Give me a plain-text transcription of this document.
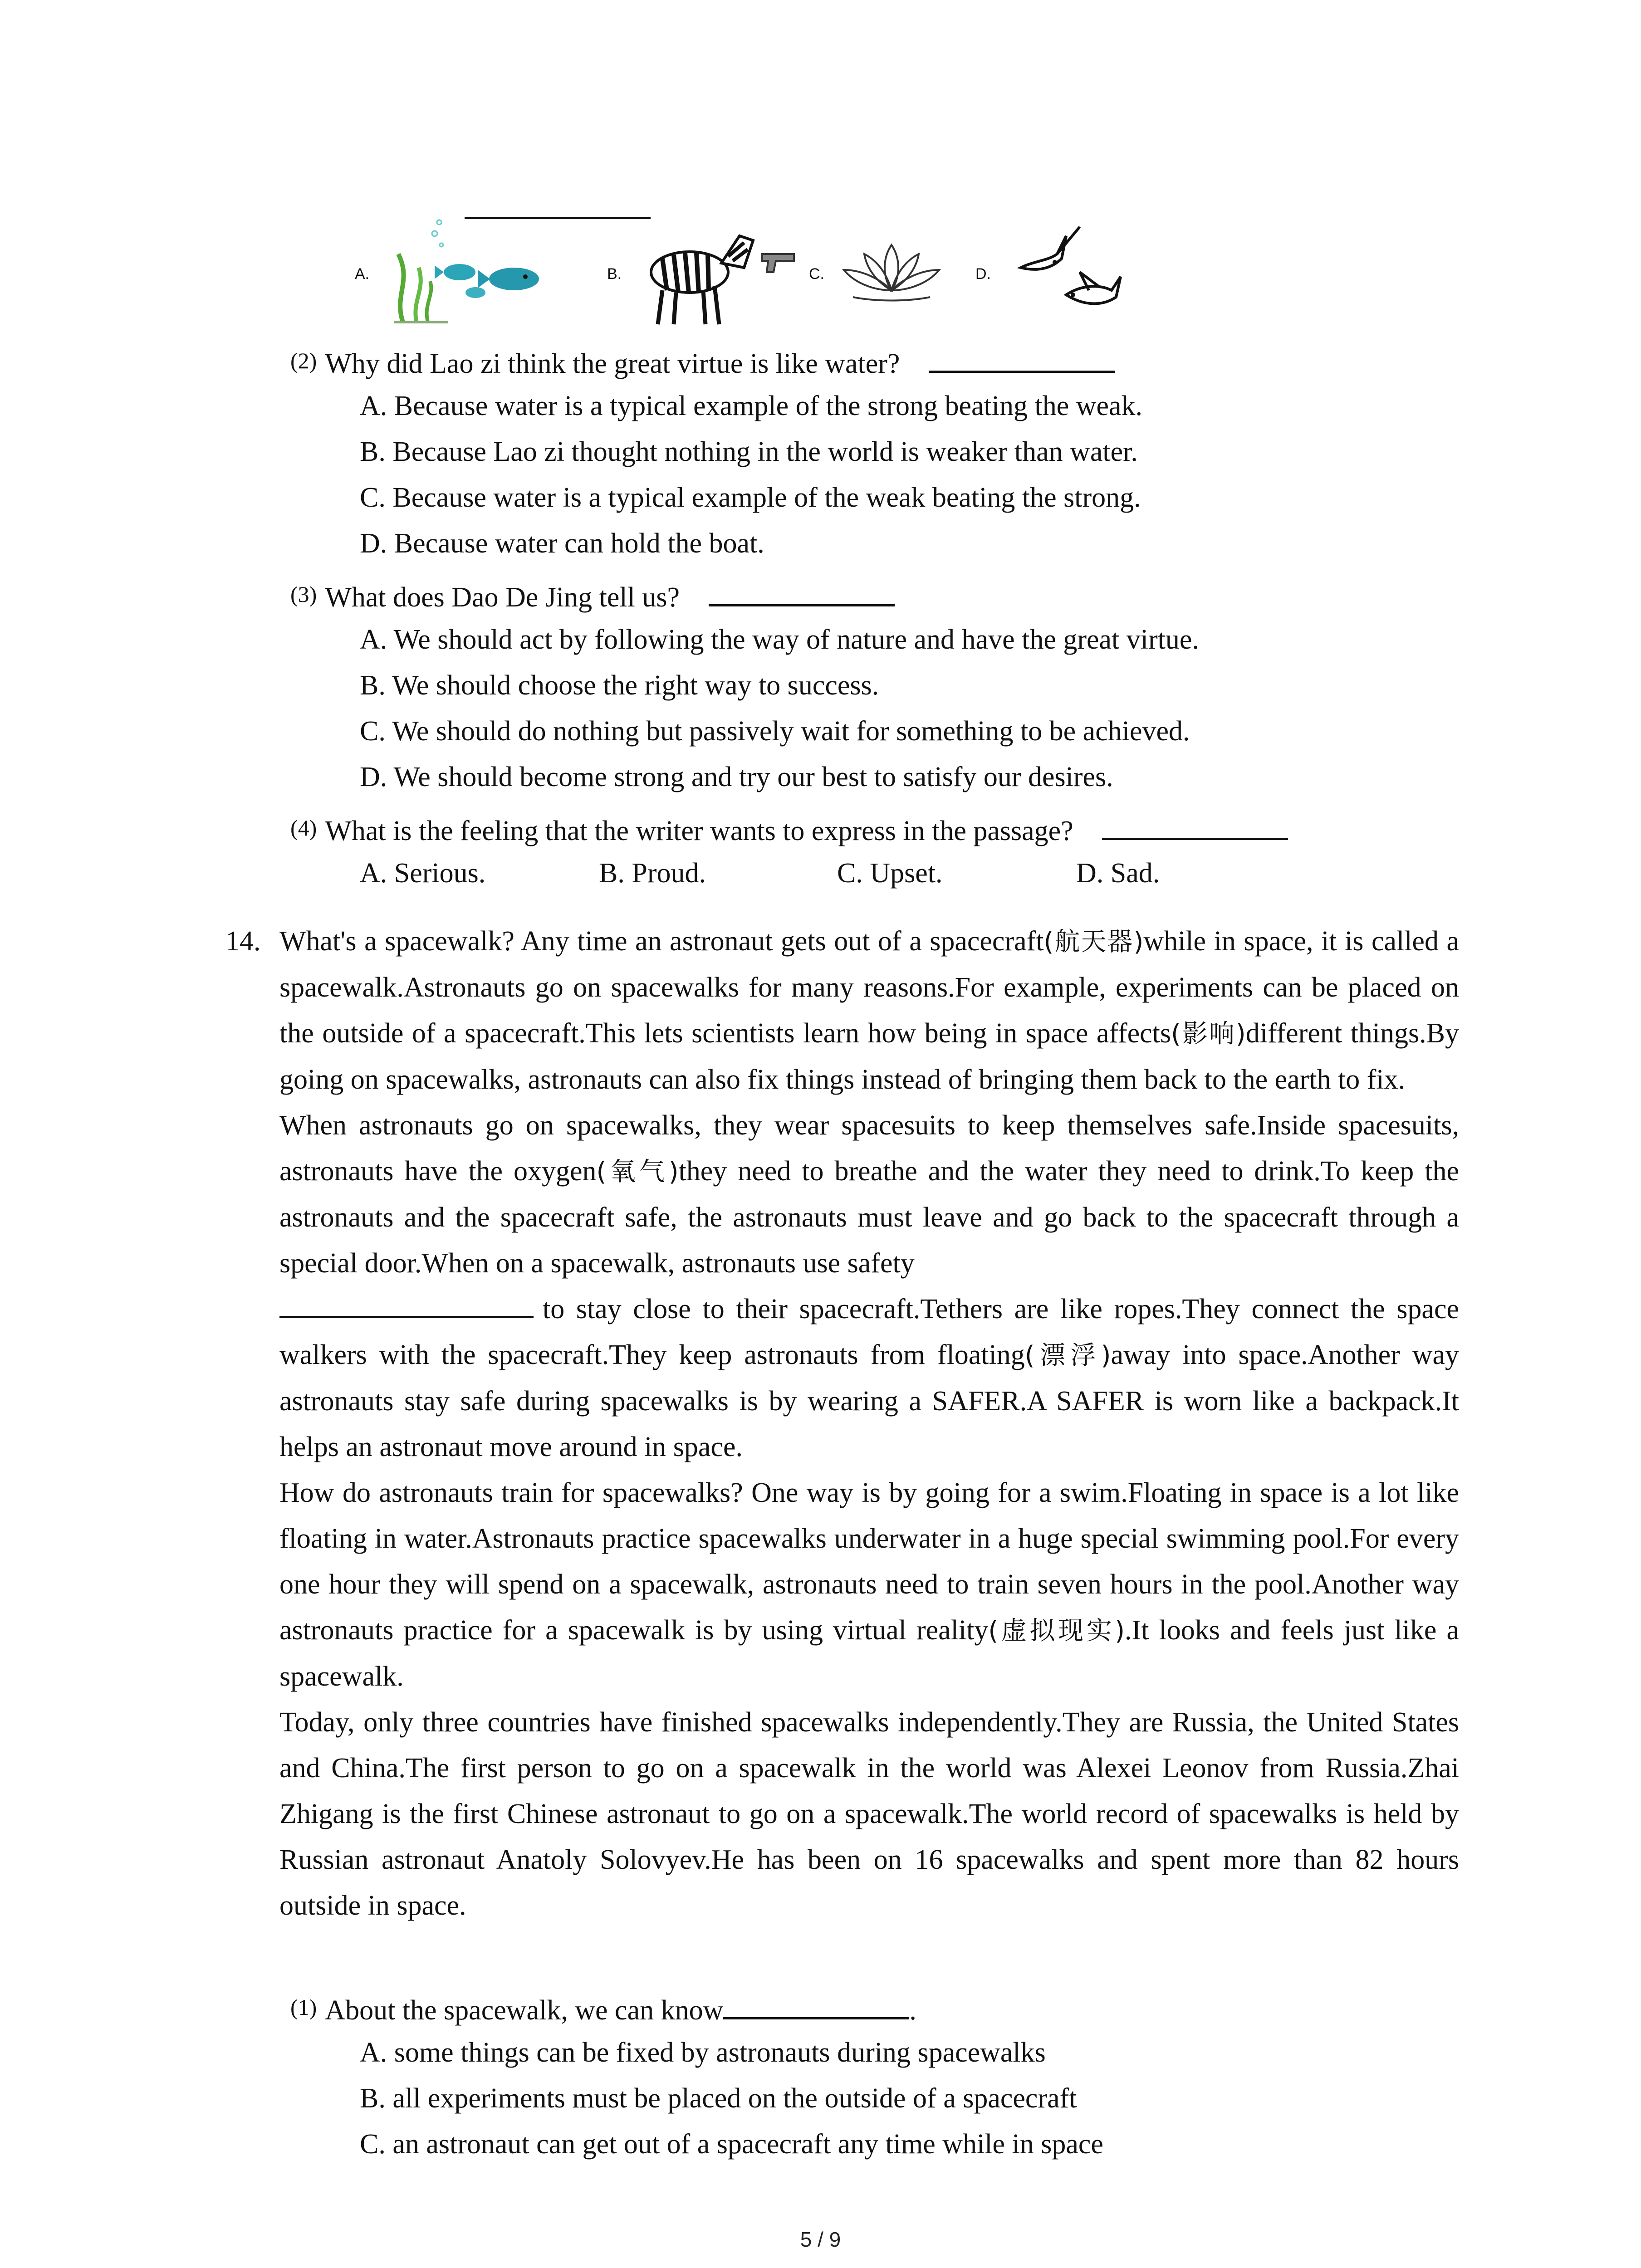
A.	B.	C.	D.
(2) Why did Lao zi think the great virtue is like water?
A. Because water is a typical example of the strong beating the weak.
B. Because Lao zi thought nothing in the world is weaker than water.
C. Because water is a typical example of the weak beating the strong.
D. Because water can hold the boat.
(3) What does Dao De Jing tell us?
A. We should act by following the way of nature and have the great virtue.
B. We should choose the right way to success.
C. We should do nothing but passively wait for something to be achieved.
D. We should become strong and try our best to satisfy our desires.
(4) What is the feeling that the writer wants to express in the passage?
A. Serious.	B. Proud.	C. Upset.	D. Sad.
14. What's a spacewalk? Any time an astronaut gets out of a spacecraft(航天器)while in space, it is called a spacewalk.Astronauts go on spacewalks for many reasons.For example, experiments can be placed on the outside of a spacecraft.This lets scientists learn how being in space affects(影响)different things.By going on spacewalks, astronauts can also fix things instead of bringing them back to the earth to fix.

When astronauts go on spacewalks, they wear spacesuits to keep themselves safe.Inside spacesuits, astronauts have the oxygen(氧气)they need to breathe and the water they need to drink.To keep the astronauts and the spacecraft safe, the astronauts must leave and go back to the spacecraft through a special door.When on a spacewalk, astronauts use safety
to stay close to their spacecraft.Tethers are like ropes.They connect the space walkers with the spacecraft.They keep astronauts from floating(漂浮)away into space.Another way astronauts stay safe during spacewalks is by wearing a SAFER.A SAFER is worn like a backpack.It helps an astronaut move around in space.

How do astronauts train for spacewalks? One way is by going for a swim.Floating in space is a lot like floating in water.Astronauts practice spacewalks underwater in a huge special swimming pool.For every one hour they will spend on a spacewalk, astronauts need to train seven hours in the pool.Another way astronauts practice for a spacewalk is by using virtual reality(虚拟现实).It looks and feels just like a spacewalk.

Today, only three countries have finished spacewalks independently.They are Russia, the United States and China.The first person to go on a spacewalk in the world was Alexei Leonov from Russia.Zhai Zhigang is the first Chinese astronaut to go on a spacewalk.The world record of spacewalks is held by Russian astronaut Anatoly Solovyev.He has been on 16 spacewalks and spent more than 82 hours outside in space.

(1) About the spacewalk, we can know	.
A. some things can be fixed by astronauts during spacewalks
B. all experiments must be placed on the outside of a spacecraft
C. an astronaut can get out of a spacecraft any time while in space
5 / 9
